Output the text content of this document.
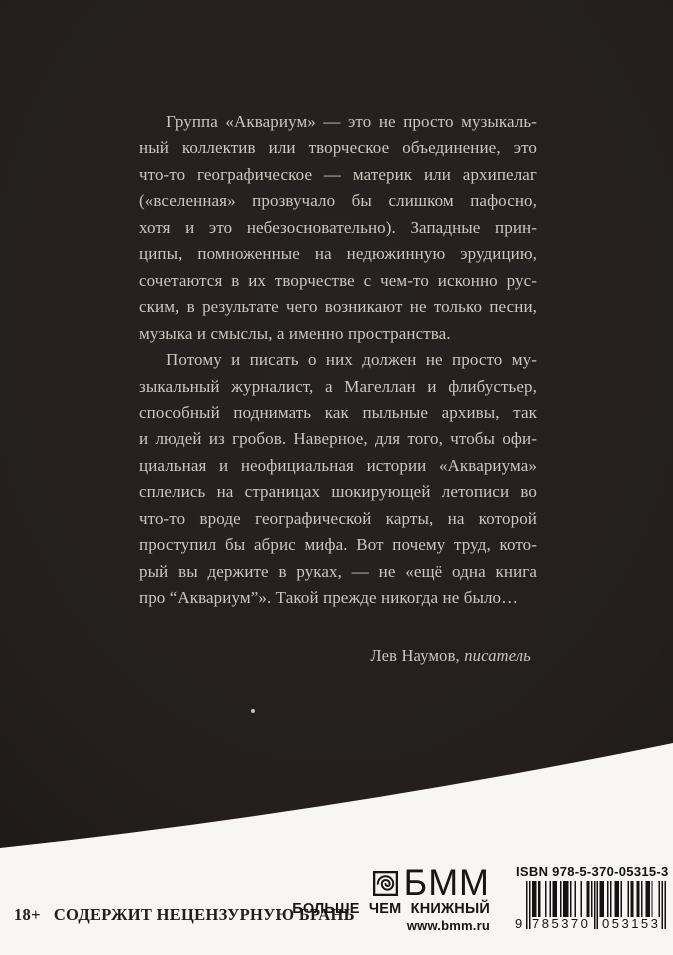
Группа «Аквариум» — это не просто музыкаль-
ный коллектив или творческое объединение, это
что-то географическое — материк или архипелаг
(«вселенная» прозвучало бы слишком пафосно,
хотя и это небезосновательно). Западные прин-
ципы, помноженные на недюжинную эрудицию,
сочетаются в их творчестве с чем-то исконно рус-
ским, в результате чего возникают не только песни,
музыка и смыслы, а именно пространства.
Потому и писать о них должен не просто му-
зыкальный журналист, а Магеллан и флибустьер,
способный поднимать как пыльные архивы, так
и людей из гробов. Наверное, для того, чтобы офи-
циальная и неофициальная истории «Аквариума»
сплелись на страницах шокирующей летописи во
что-то вроде географической карты, на которой
проступил бы абрис мифа. Вот почему труд, кото-
рый вы держите в руках, — не «ещё одна книга
про “Аквариум”». Такой прежде никогда не было…
Лев Наумов, писатель
18+ СОДЕРЖИТ НЕЦЕНЗУРНУЮ БРАНЬ
БММ
БОЛЬШЕ ЧЕМ КНИЖНЫЙ
www.bmm.ru
ISBN 978-5-370-05315-3
9 785370 053153
